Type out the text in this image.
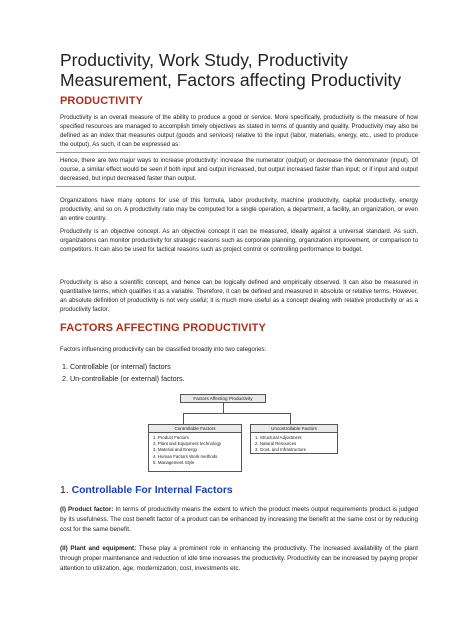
Productivity, Work Study, Productivity Measurement, Factors affecting Productivity
PRODUCTIVITY

Productivity is an overall measure of the ability to produce a good or service. More specifically, productivity is the measure of how specified resources are managed to accomplish timely objectives as stated in terms of quantity and quality. Productivity may also be defined as an index that measures output (goods and services) relative to the input (labor, materials, energy, etc., used to produce the output). As such, it can be expressed as:

Hence, there are two major ways to increase productivity: increase the numerator (output) or decrease the denominator (input). Of course, a similar effect would be seen if both input and output increased, but output increased faster than input; or if input and output decreased, but input decreased faster than output.

Organizations have many options for use of this formula, labor productivity, machine productivity, capital productivity, energy productivity, and so on. A productivity ratio may be computed for a single operation, a department, a facility, an organization, or even an entire country.

Productivity is an objective concept. As an objective concept it can be measured, ideally against a universal standard. As such, organizations can monitor productivity for strategic reasons such as corporate planning, organization improvement, or comparison to competitors. It can also be used for tactical reasons such as project control or controlling performance to budget.

Productivity is also a scientific concept, and hence can be logically defined and empirically observed. It can also be measured in quantitative terms, which qualifies it as a variable. Therefore, it can be defined and measured in absolute or relative terms. However, an absolute definition of productivity is not very useful; it is much more useful as a concept dealing with relative productivity or as a productivity factor.

FACTORS AFFECTING PRODUCTIVITY

Factors influencing productivity can be classified broadly into two categories:

1. Controllable (or internal) factors
2. Un-controllable (or external) factors.
Factors Affecting Productivity
Controllable Factors
1. Product Factors
2. Plant and Equipment technology
3. Material and Energy
4. Human Factors Work methods
5. Management Style
Uncontrollable Factors
1. Structural Adjustment
2. Natural Resources
3. Govt. and Infrastructure
1. Controllable For Internal Factors

(I) Product factor: In terms of productivity means the extent to which the product meets output requirements product is judged by its usefulness. The cost benefit factor of a product can be enhanced by increasing the benefit at the same cost or by reducing cost for the same benefit.

(II) Plant and equipment: These play a prominent role in enhancing the productivity. The increased availability of the plant through proper maintenance and reduction of idle time increases the productivity. Productivity can be increased by paying proper attention to utilization, age, modernization, cost, investments etc.
